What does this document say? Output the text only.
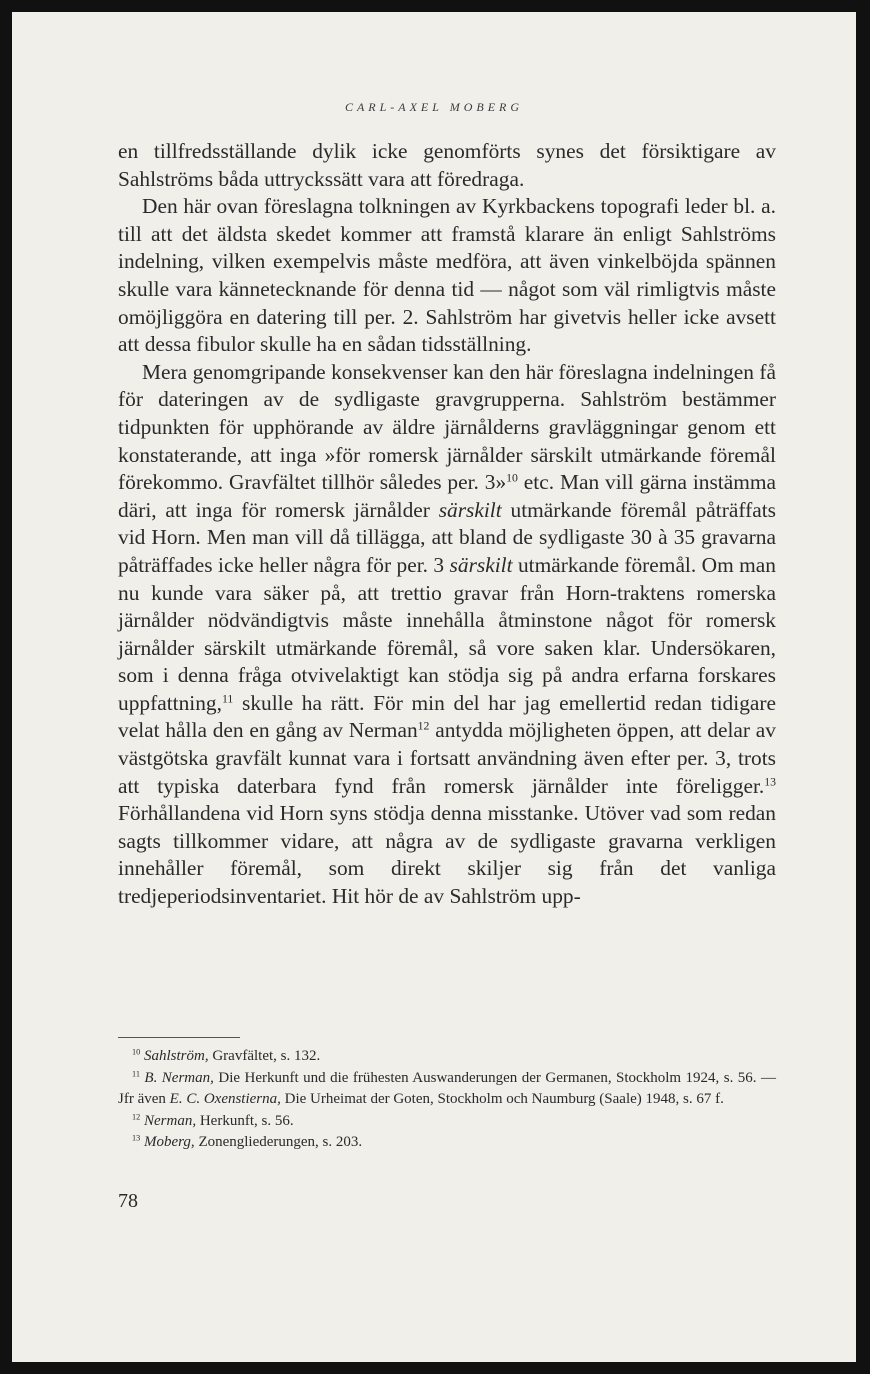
CARL-AXEL MOBERG

en tillfredsställande dylik icke genomförts synes det försiktigare av Sahlströms båda uttryckssätt vara att föredraga.

Den här ovan föreslagna tolkningen av Kyrkbackens topografi leder bl. a. till att det äldsta skedet kommer att framstå klarare än enligt Sahlströms indelning, vilken exempelvis måste medföra, att även vinkelböjda spännen skulle vara kännetecknande för denna tid — något som väl rimligtvis måste omöjliggöra en datering till per. 2. Sahlström har givetvis heller icke avsett att dessa fibulor skulle ha en sådan tidsställning.

Mera genomgripande konsekvenser kan den här föreslagna indelningen få för dateringen av de sydligaste gravgrupperna. Sahlström bestämmer tidpunkten för upphörande av äldre järnålderns gravläggningar genom ett konstaterande, att inga »för romersk järnålder särskilt utmärkande föremål förekommo. Gravfältet tillhör således per. 3»$^{10}$ etc. Man vill gärna instämma däri, att inga för romersk järnålder särskilt utmärkande föremål påträffats vid Horn. Men man vill då tillägga, att bland de sydligaste 30 à 35 gravarna påträffades icke heller några för per. 3 särskilt utmärkande föremål. Om man nu kunde vara säker på, att trettio gravar från Horn-traktens romerska järnålder nödvändigtvis måste innehålla åtminstone något för romersk järnålder särskilt utmärkande föremål, så vore saken klar. Undersökaren, som i denna fråga otvivelaktigt kan stödja sig på andra erfarna forskares uppfattning,$^{11}$ skulle ha rätt. För min del har jag emellertid redan tidigare velat hålla den en gång av Nerman$^{12}$ antydda möjligheten öppen, att delar av västgötska gravfält kunnat vara i fortsatt användning även efter per. 3, trots att typiska daterbara fynd från romersk järnålder inte föreligger.$^{13}$ Förhållandena vid Horn syns stödja denna misstanke. Utöver vad som redan sagts tillkommer vidare, att några av de sydligaste gravarna verkligen innehåller föremål, som direkt skiljer sig från det vanliga tredjeperiodsinventariet. Hit hör de av Sahlström upp-

$^{10}$ Sahlström, Gravfältet, s. 132.

$^{11}$ B. Nerman, Die Herkunft und die frühesten Auswanderungen der Germanen, Stockholm 1924, s. 56. — Jfr även E. C. Oxenstierna, Die Urheimat der Goten, Stockholm och Naumburg (Saale) 1948, s. 67 f.

$^{12}$ Nerman, Herkunft, s. 56.

$^{13}$ Moberg, Zonengliederungen, s. 203.

78
